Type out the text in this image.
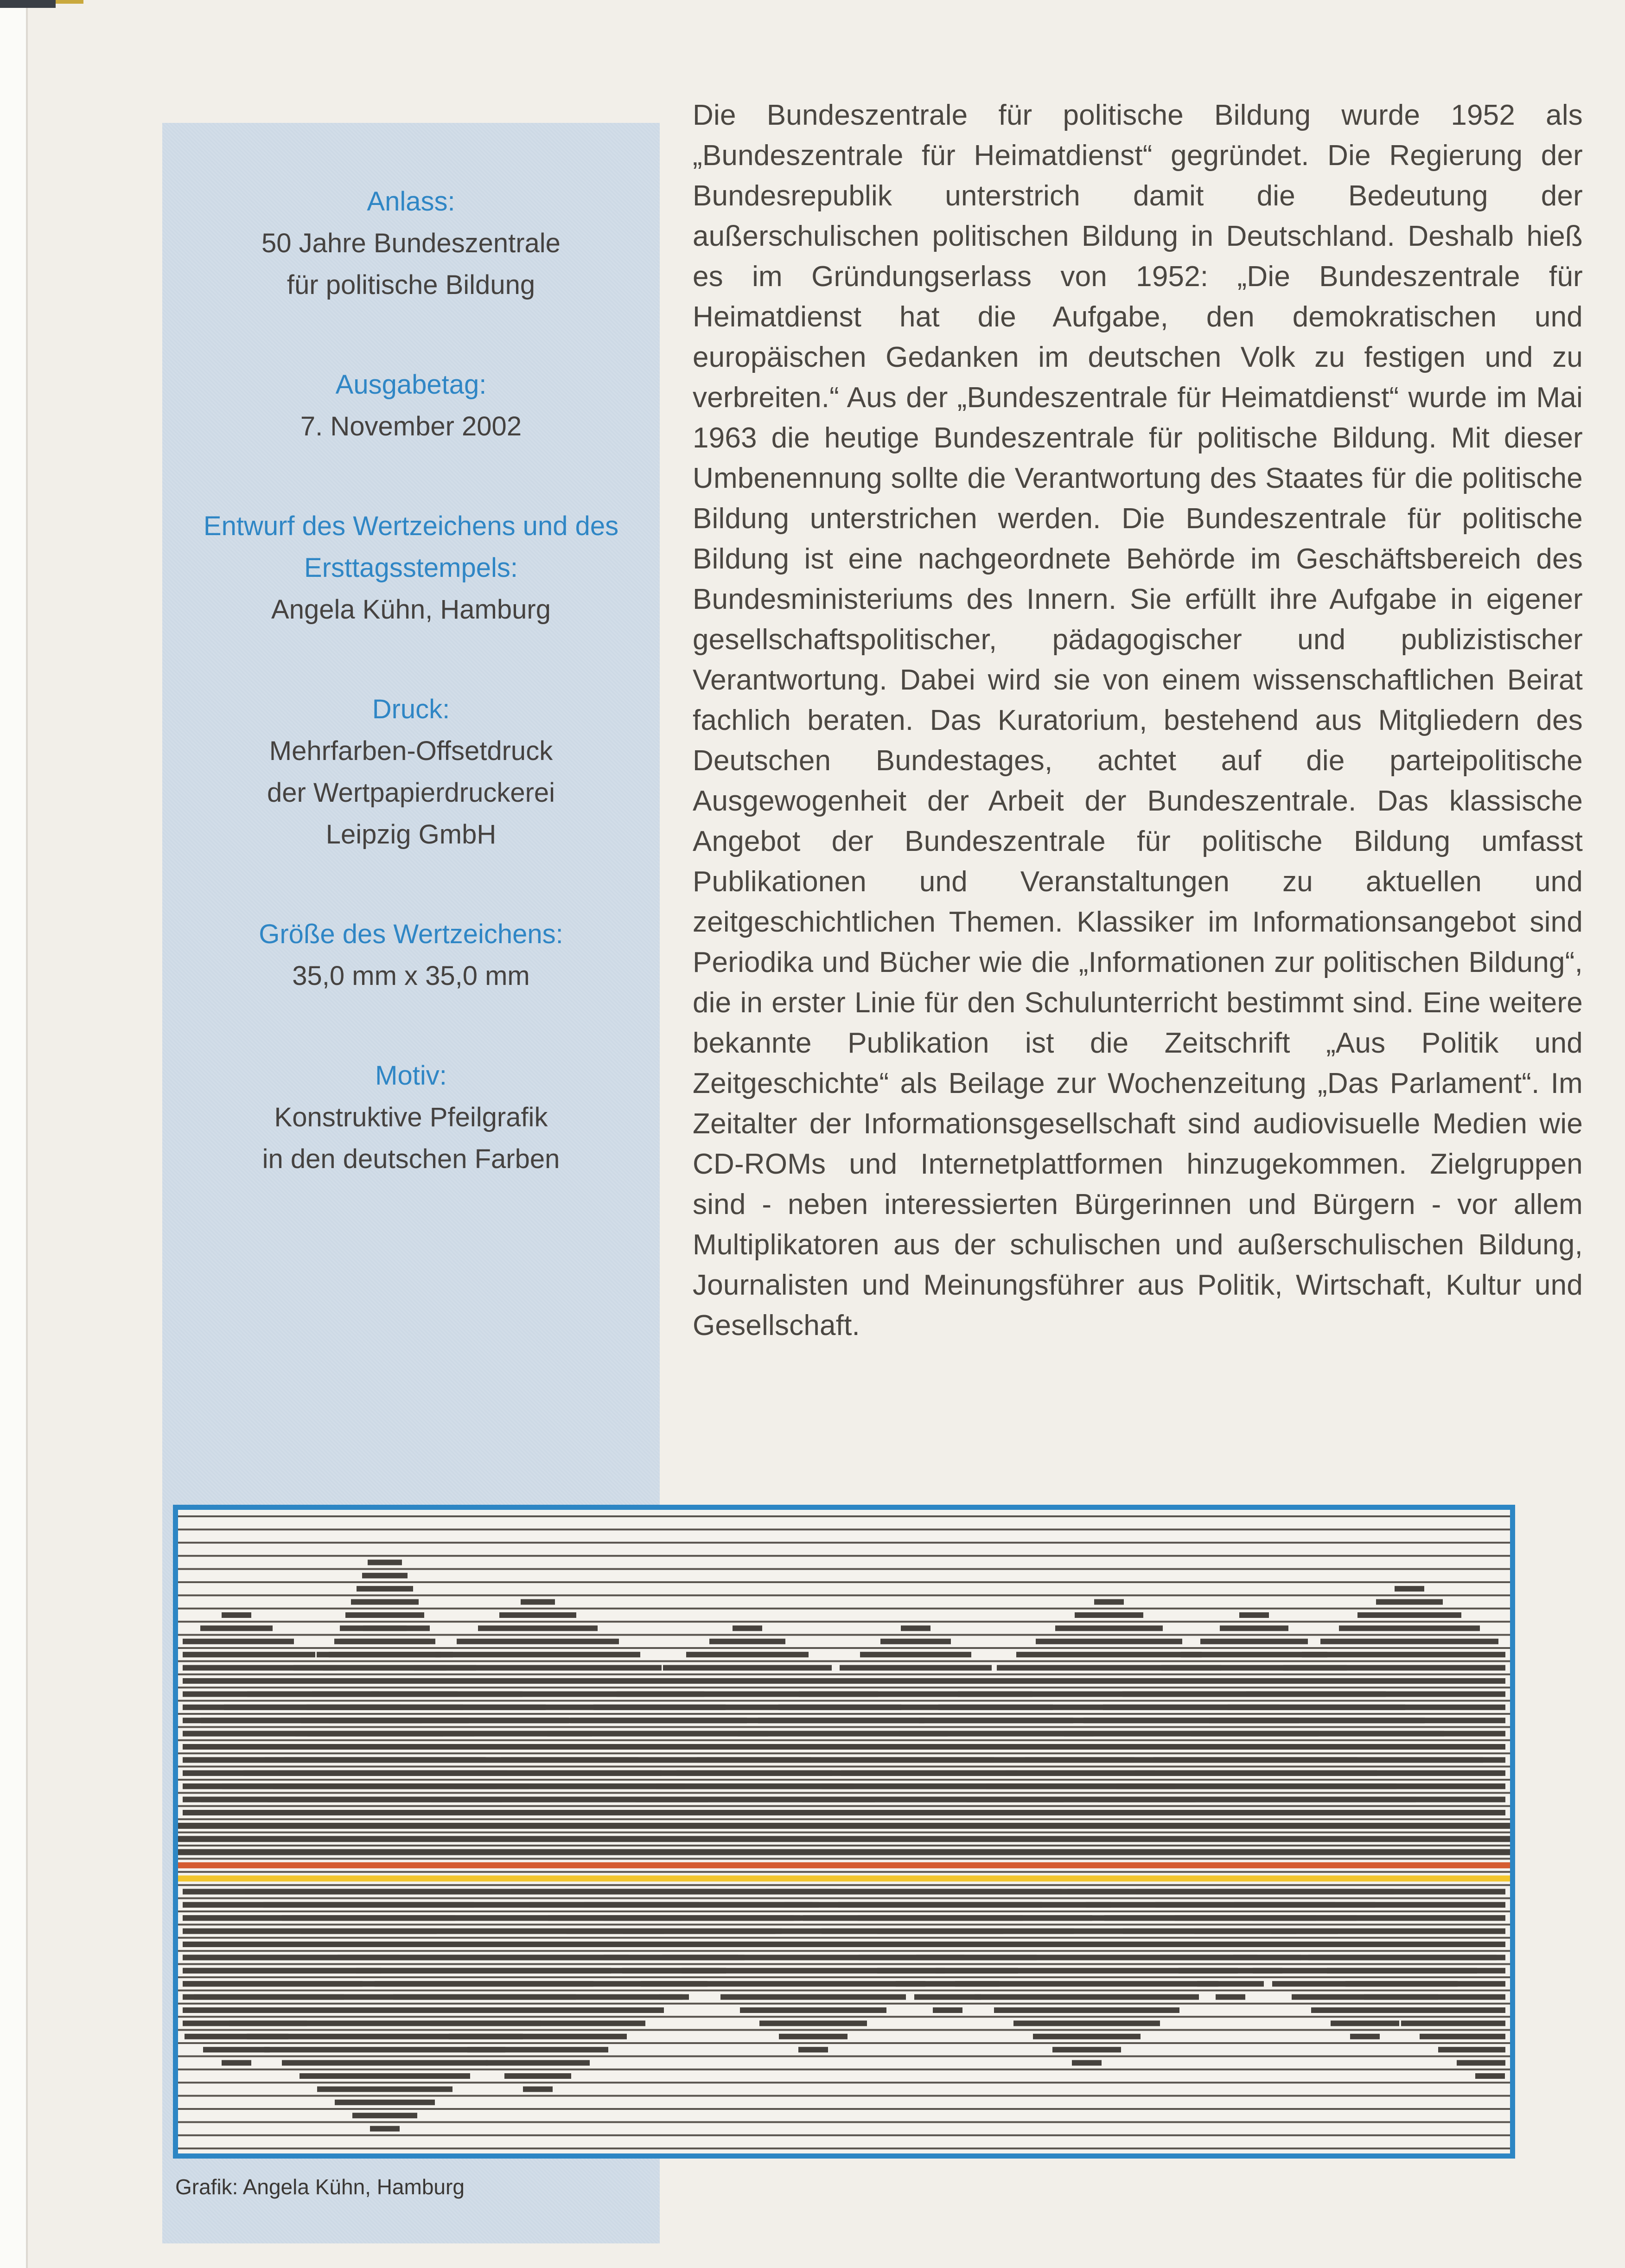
Anlass:
50 Jahre Bundeszentrale
für politische Bildung
Ausgabetag:
7. November 2002
Entwurf des Wertzeichens und des Ersttagsstempels:
Angela Kühn, Hamburg
Druck:
Mehrfarben-Offsetdruck
der Wertpapierdruckerei
Leipzig GmbH
Größe des Wertzeichens:
35,0 mm x 35,0 mm
Motiv:
Konstruktive Pfeilgrafik
in den deutschen Farben
Die Bundeszentrale für politische Bildung wurde 1952 als „Bundeszentrale für Heimatdienst“ gegründet. Die Regierung der Bundesrepublik unterstrich damit die Bedeutung der außerschulischen politischen Bildung in Deutschland. Deshalb hieß es im Gründungserlass von 1952: „Die Bundeszentrale für Heimatdienst hat die Aufgabe, den demokratischen und europäischen Gedanken im deutschen Volk zu festigen und zu verbreiten.“ Aus der „Bundeszentrale für Heimatdienst“ wurde im Mai 1963 die heutige Bundeszentrale für politische Bildung. Mit dieser Umbenennung sollte die Verantwortung des Staates für die politische Bildung unterstrichen werden. Die Bundeszentrale für politische Bildung ist eine nachgeordnete Behörde im Geschäftsbereich des Bundesministeriums des Innern. Sie erfüllt ihre Aufgabe in eigener gesellschaftspolitischer, pädagogischer und publizistischer Verantwortung. Dabei wird sie von einem wissenschaftlichen Beirat fachlich beraten. Das Kuratorium, bestehend aus Mitgliedern des Deutschen Bundestages, achtet auf die parteipolitische Ausgewogenheit der Arbeit der Bundeszentrale. Das klassische Angebot der Bundeszentrale für politische Bildung umfasst Publikationen und Veranstaltungen zu aktuellen und zeitgeschichtlichen Themen. Klassiker im Informationsangebot sind Periodika und Bücher wie die „Informationen zur politischen Bildung“, die in erster Linie für den Schulunterricht bestimmt sind. Eine weitere bekannte Publikation ist die Zeitschrift „Aus Politik und Zeitgeschichte“ als Beilage zur Wochenzeitung „Das Parlament“. Im Zeitalter der Informationsgesellschaft sind audiovisuelle Medien wie CD-ROMs und Internetplattformen hinzugekommen. Zielgruppen sind - neben interessierten Bürgerinnen und Bürgern - vor allem Multiplikatoren aus der schulischen und außerschulischen Bildung, Journalisten und Meinungsführer aus Politik, Wirtschaft, Kultur und Gesellschaft.
Grafik: Angela Kühn, Hamburg
